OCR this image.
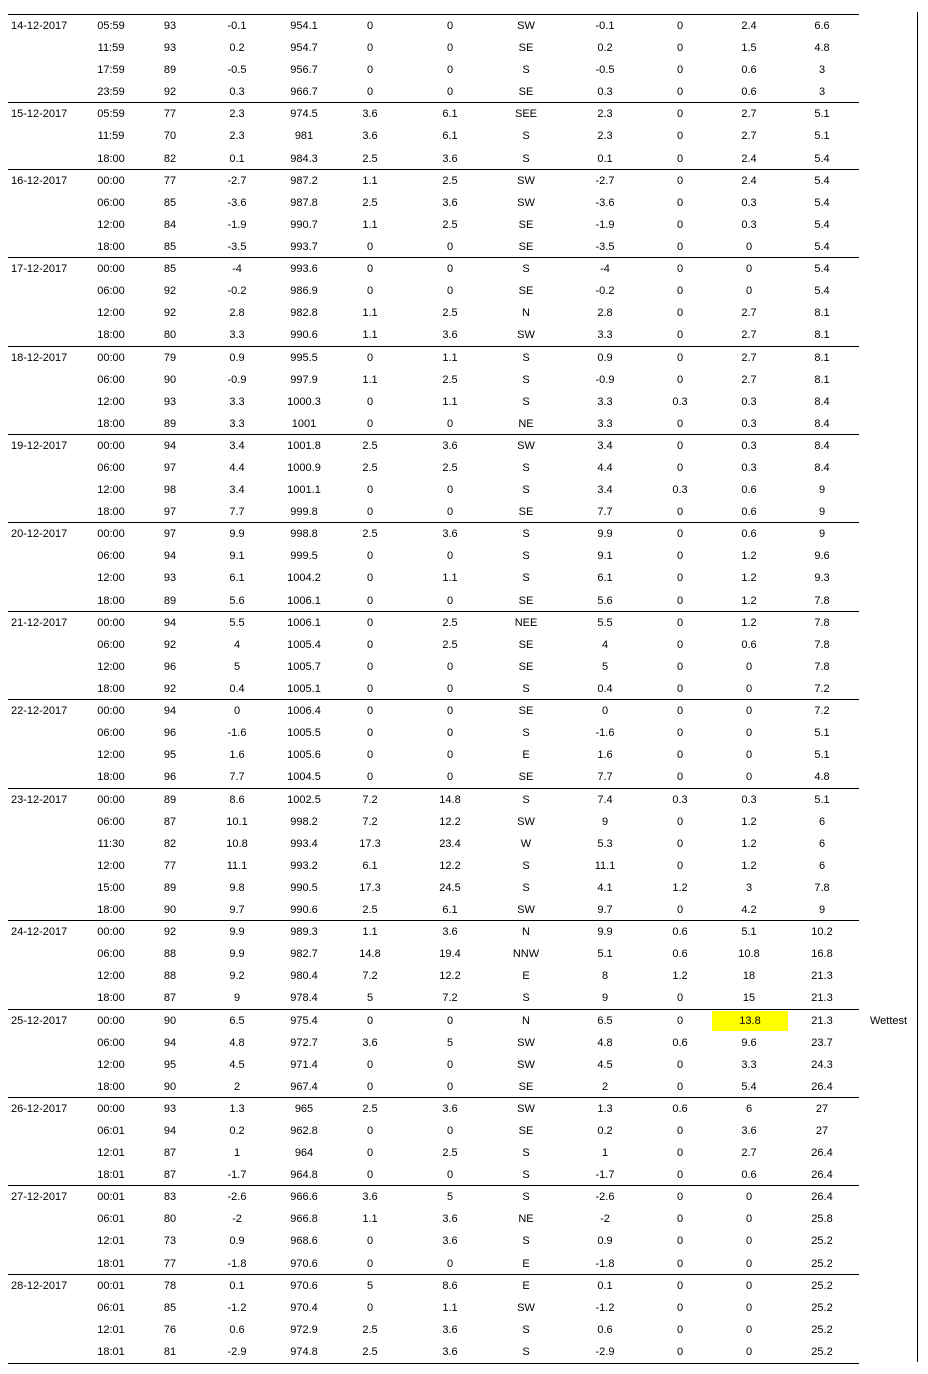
14-12-2017	05:59	93	-0.1	954.1	0	0	SW	-0.1	0	2.4	6.6
11:59	93	0.2	954.7	0	0	SE	0.2	0	1.5	4.8
17:59	89	-0.5	956.7	0	0	S	-0.5	0	0.6	3
23:59	92	0.3	966.7	0	0	SE	0.3	0	0.6	3
15-12-2017	05:59	77	2.3	974.5	3.6	6.1	SEE	2.3	0	2.7	5.1
11:59	70	2.3	981	3.6	6.1	S	2.3	0	2.7	5.1
18:00	82	0.1	984.3	2.5	3.6	S	0.1	0	2.4	5.4
16-12-2017	00:00	77	-2.7	987.2	1.1	2.5	SW	-2.7	0	2.4	5.4
06:00	85	-3.6	987.8	2.5	3.6	SW	-3.6	0	0.3	5.4
12:00	84	-1.9	990.7	1.1	2.5	SE	-1.9	0	0.3	5.4
18:00	85	-3.5	993.7	0	0	SE	-3.5	0	0	5.4
17-12-2017	00:00	85	-4	993.6	0	0	S	-4	0	0	5.4
06:00	92	-0.2	986.9	0	0	SE	-0.2	0	0	5.4
12:00	92	2.8	982.8	1.1	2.5	N	2.8	0	2.7	8.1
18:00	80	3.3	990.6	1.1	3.6	SW	3.3	0	2.7	8.1
18-12-2017	00:00	79	0.9	995.5	0	1.1	S	0.9	0	2.7	8.1
06:00	90	-0.9	997.9	1.1	2.5	S	-0.9	0	2.7	8.1
12:00	93	3.3	1000.3	0	1.1	S	3.3	0.3	0.3	8.4
18:00	89	3.3	1001	0	0	NE	3.3	0	0.3	8.4
19-12-2017	00:00	94	3.4	1001.8	2.5	3.6	SW	3.4	0	0.3	8.4
06:00	97	4.4	1000.9	2.5	2.5	S	4.4	0	0.3	8.4
12:00	98	3.4	1001.1	0	0	S	3.4	0.3	0.6	9
18:00	97	7.7	999.8	0	0	SE	7.7	0	0.6	9
20-12-2017	00:00	97	9.9	998.8	2.5	3.6	S	9.9	0	0.6	9
06:00	94	9.1	999.5	0	0	S	9.1	0	1.2	9.6
12:00	93	6.1	1004.2	0	1.1	S	6.1	0	1.2	9.3
18:00	89	5.6	1006.1	0	0	SE	5.6	0	1.2	7.8
21-12-2017	00:00	94	5.5	1006.1	0	2.5	NEE	5.5	0	1.2	7.8
06:00	92	4	1005.4	0	2.5	SE	4	0	0.6	7.8
12:00	96	5	1005.7	0	0	SE	5	0	0	7.8
18:00	92	0.4	1005.1	0	0	S	0.4	0	0	7.2
22-12-2017	00:00	94	0	1006.4	0	0	SE	0	0	0	7.2
06:00	96	-1.6	1005.5	0	0	S	-1.6	0	0	5.1
12:00	95	1.6	1005.6	0	0	E	1.6	0	0	5.1
18:00	96	7.7	1004.5	0	0	SE	7.7	0	0	4.8
23-12-2017	00:00	89	8.6	1002.5	7.2	14.8	S	7.4	0.3	0.3	5.1
06:00	87	10.1	998.2	7.2	12.2	SW	9	0	1.2	6
11:30	82	10.8	993.4	17.3	23.4	W	5.3	0	1.2	6
12:00	77	11.1	993.2	6.1	12.2	S	11.1	0	1.2	6
15:00	89	9.8	990.5	17.3	24.5	S	4.1	1.2	3	7.8
18:00	90	9.7	990.6	2.5	6.1	SW	9.7	0	4.2	9
24-12-2017	00:00	92	9.9	989.3	1.1	3.6	N	9.9	0.6	5.1	10.2
06:00	88	9.9	982.7	14.8	19.4	NNW	5.1	0.6	10.8	16.8
12:00	88	9.2	980.4	7.2	12.2	E	8	1.2	18	21.3
18:00	87	9	978.4	5	7.2	S	9	0	15	21.3
25-12-2017	00:00	90	6.5	975.4	0	0	N	6.5	0	13.8	21.3
06:00	94	4.8	972.7	3.6	5	SW	4.8	0.6	9.6	23.7
12:00	95	4.5	971.4	0	0	SW	4.5	0	3.3	24.3
18:00	90	2	967.4	0	0	SE	2	0	5.4	26.4
26-12-2017	00:00	93	1.3	965	2.5	3.6	SW	1.3	0.6	6	27
06:01	94	0.2	962.8	0	0	SE	0.2	0	3.6	27
12:01	87	1	964	0	2.5	S	1	0	2.7	26.4
18:01	87	-1.7	964.8	0	0	S	-1.7	0	0.6	26.4
27-12-2017	00:01	83	-2.6	966.6	3.6	5	S	-2.6	0	0	26.4
06:01	80	-2	966.8	1.1	3.6	NE	-2	0	0	25.8
12:01	73	0.9	968.6	0	3.6	S	0.9	0	0	25.2
18:01	77	-1.8	970.6	0	0	E	-1.8	0	0	25.2
28-12-2017	00:01	78	0.1	970.6	5	8.6	E	0.1	0	0	25.2
06:01	85	-1.2	970.4	0	1.1	SW	-1.2	0	0	25.2
12:01	76	0.6	972.9	2.5	3.6	S	0.6	0	0	25.2
18:01	81	-2.9	974.8	2.5	3.6	S	-2.9	0	0	25.2
Wettest
